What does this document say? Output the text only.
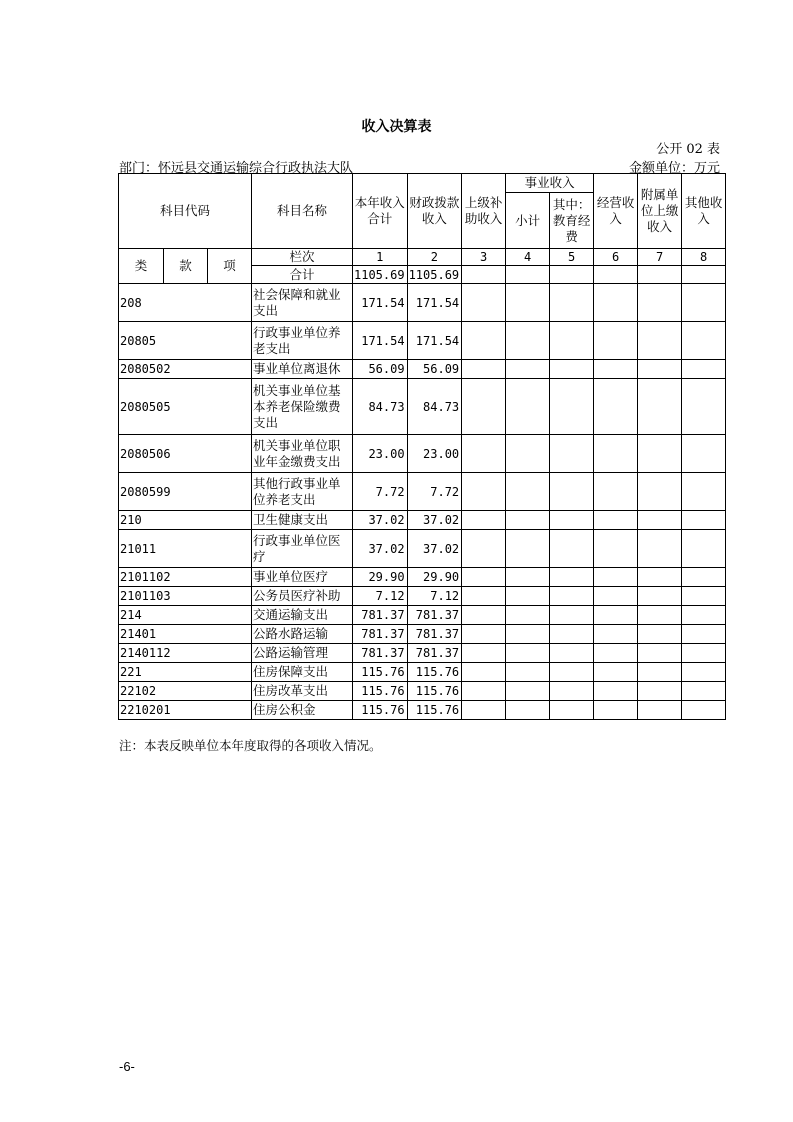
收入决算表
公开 02 表
部门：怀远县交通运输综合行政执法大队	金额单位：万元
科目代码			科目名称	本年收入合计	财政拨款收入	上级补助收入	事业收入		经营收入	附属单位上缴收入	其他收入
							小计	其中：教育经费			

类	款	项	栏次	1	2	3	4	5	6	7	8
			合计	1105.69	1105.69						
208			社会保障和就业支出	171.54	171.54						
20805			行政事业单位养老支出	171.54	171.54						
2080502			事业单位离退休	56.09	56.09						
2080505			机关事业单位基本养老保险缴费支出	84.73	84.73						
2080506			机关事业单位职业年金缴费支出	23.00	23.00						
2080599			其他行政事业单位养老支出	7.72	7.72						
210			卫生健康支出	37.02	37.02						
21011			行政事业单位医疗	37.02	37.02						
2101102			事业单位医疗	29.90	29.90						
2101103			公务员医疗补助	7.12	7.12						
214			交通运输支出	781.37	781.37						
21401			公路水路运输	781.37	781.37						
2140112			公路运输管理	781.37	781.37						
221			住房保障支出	115.76	115.76						
22102			住房改革支出	115.76	115.76						
2210201			住房公积金	115.76	115.76						
注：本表反映单位本年度取得的各项收入情况。
-6-
